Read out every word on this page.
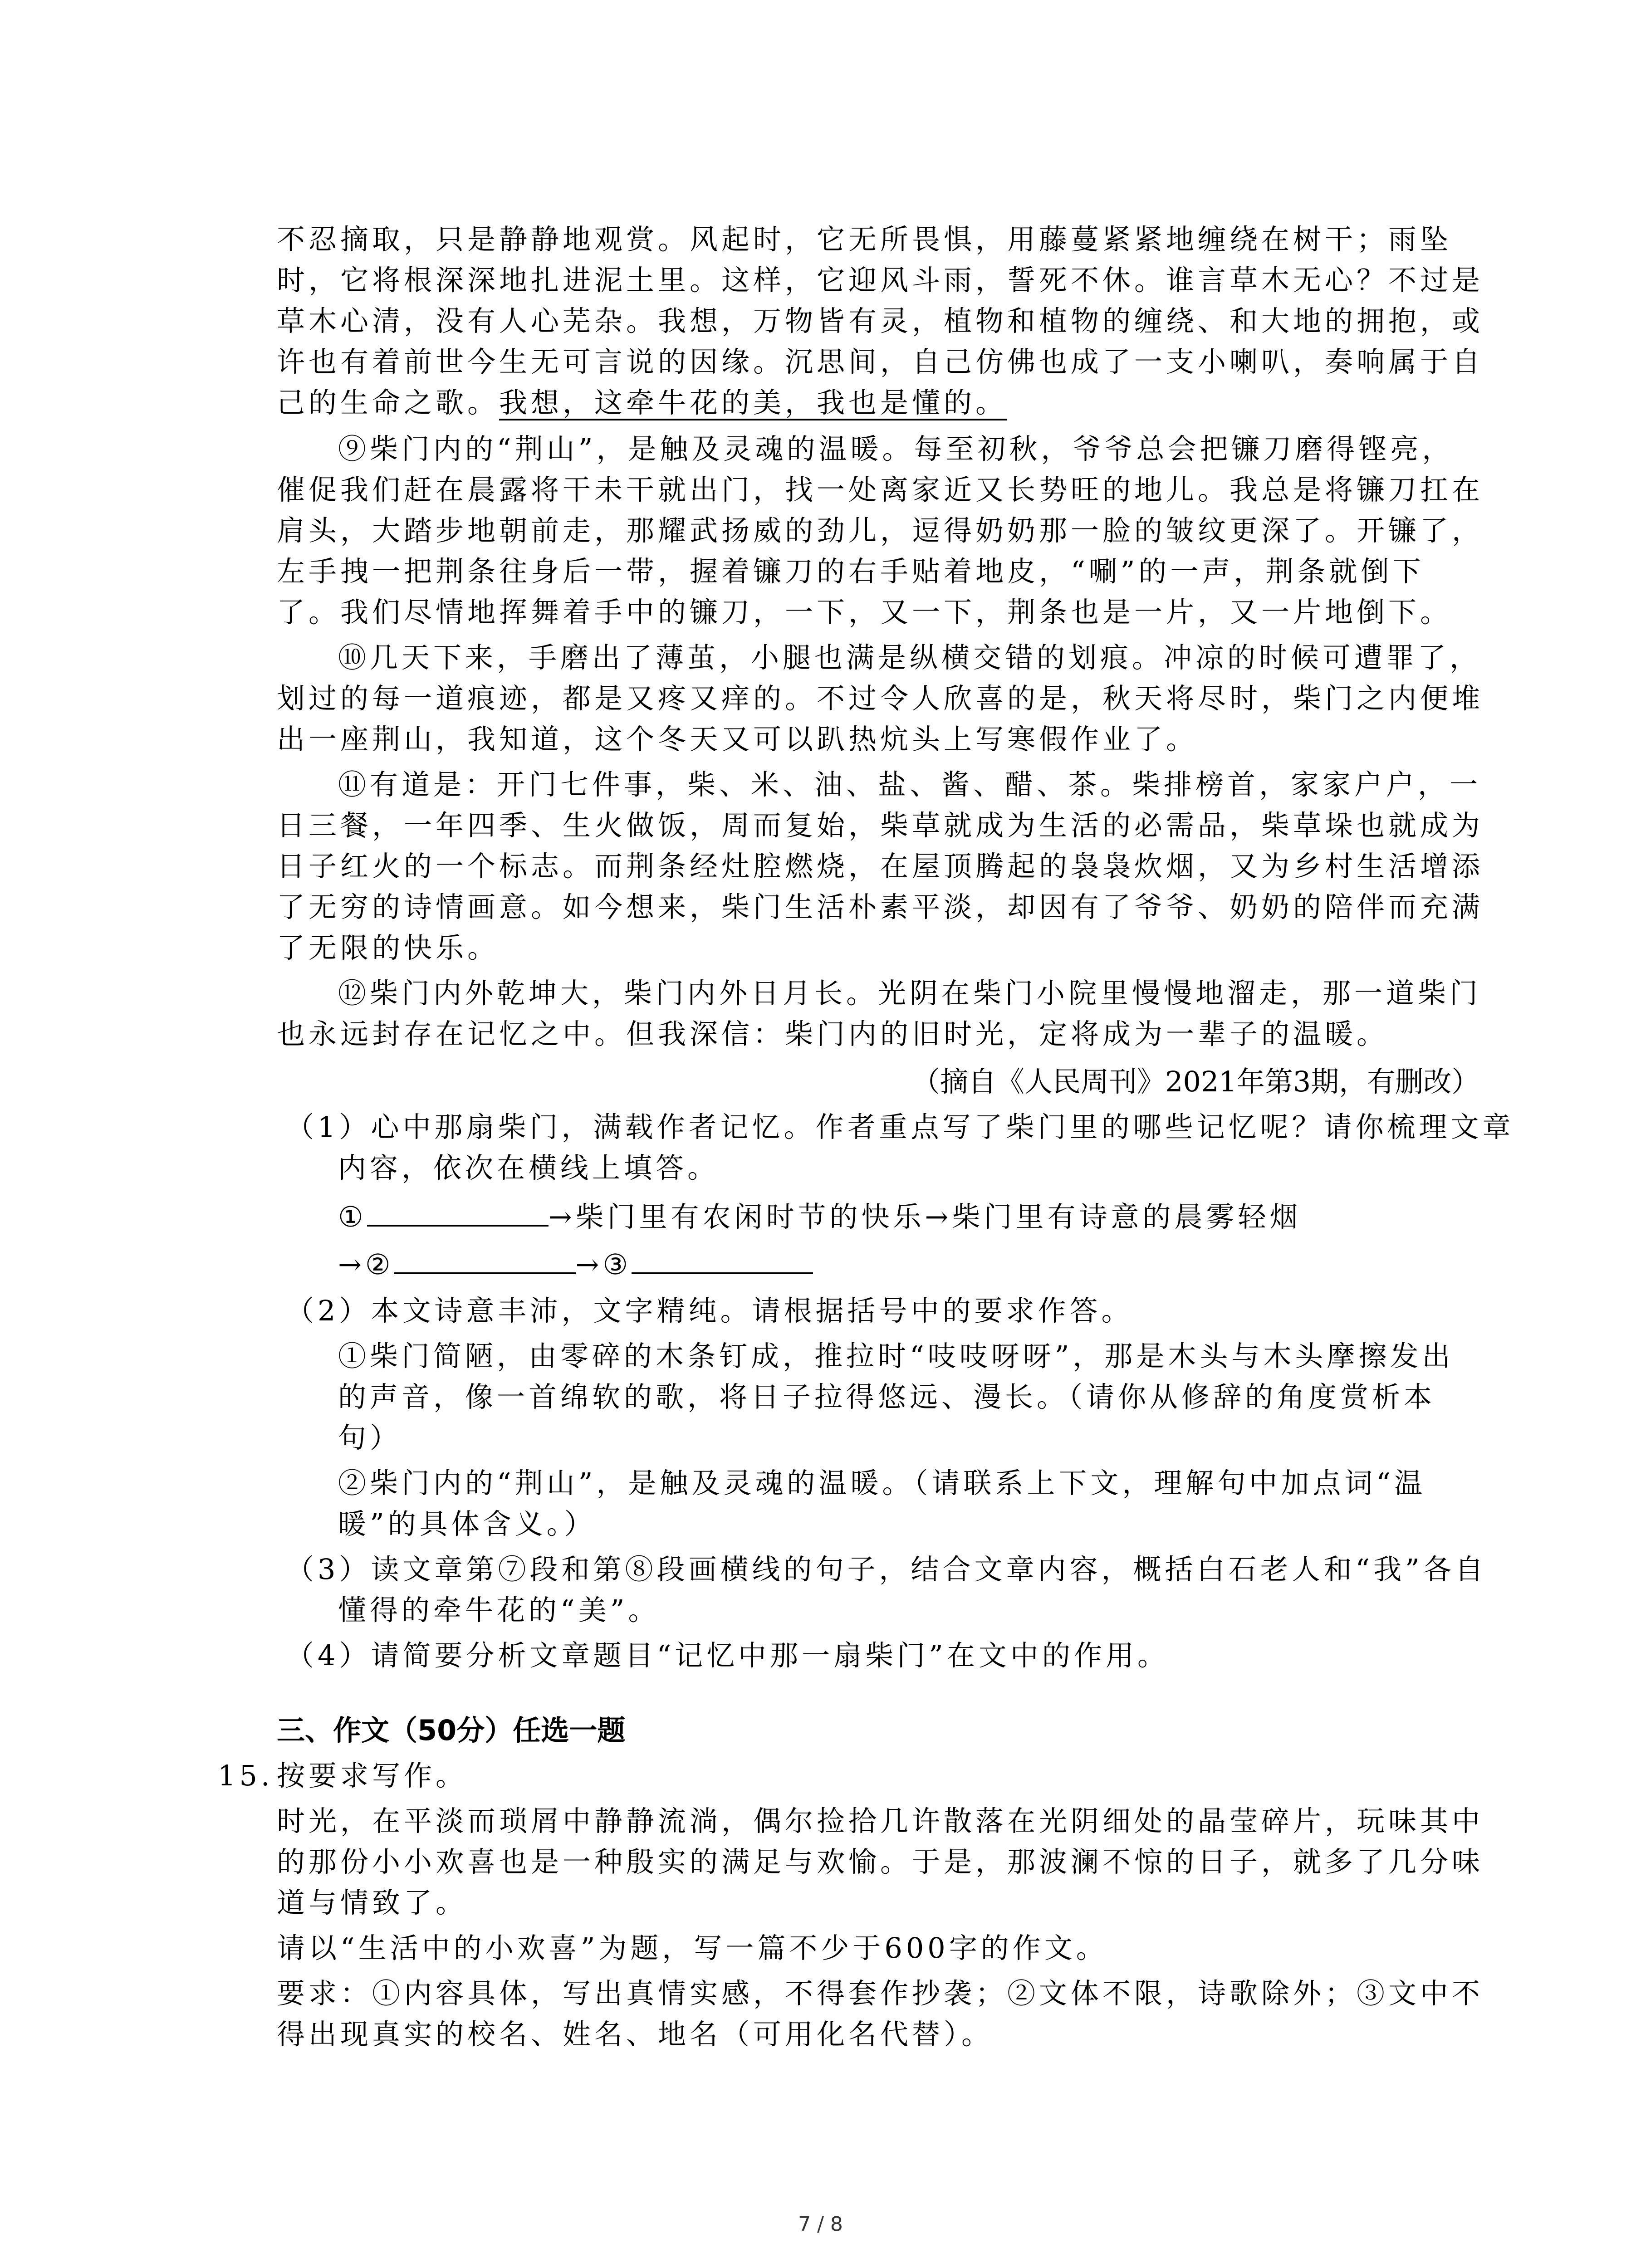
不忍摘取，只是静静地观赏。风起时，它无所畏惧，用藤蔓紧紧地缠绕在树干；雨坠
时，它将根深深地扎进泥土里。这样，它迎风斗雨，誓死不休。谁言草木无心？不过是
草木心清，没有人心芜杂。我想，万物皆有灵，植物和植物的缠绕、和大地的拥抱，或
许也有着前世今生无可言说的因缘。沉思间，自己仿佛也成了一支小喇叭，奏响属于自
己的生命之歌。我想，这牵牛花的美，我也是懂的。
⑨柴门内的“荆山”，是触及灵魂的温暖。每至初秋，爷爷总会把镰刀磨得铿亮，
催促我们赶在晨露将干未干就出门，找一处离家近又长势旺的地儿。我总是将镰刀扛在
肩头，大踏步地朝前走，那耀武扬威的劲儿，逗得奶奶那一脸的皱纹更深了。开镰了，
左手拽一把荆条往身后一带，握着镰刀的右手贴着地皮，“唰”的一声，荆条就倒下
了。我们尽情地挥舞着手中的镰刀，一下，又一下，荆条也是一片，又一片地倒下。
⑩几天下来，手磨出了薄茧，小腿也满是纵横交错的划痕。冲凉的时候可遭罪了，
划过的每一道痕迹，都是又疼又痒的。不过令人欣喜的是，秋天将尽时，柴门之内便堆
出一座荆山，我知道，这个冬天又可以趴热炕头上写寒假作业了。
⑪有道是：开门七件事，柴、米、油、盐、酱、醋、茶。柴排榜首，家家户户，一
日三餐，一年四季、生火做饭，周而复始，柴草就成为生活的必需品，柴草垛也就成为
日子红火的一个标志。而荆条经灶腔燃烧，在屋顶腾起的袅袅炊烟，又为乡村生活增添
了无穷的诗情画意。如今想来，柴门生活朴素平淡，却因有了爷爷、奶奶的陪伴而充满
了无限的快乐。
⑫柴门内外乾坤大，柴门内外日月长。光阴在柴门小院里慢慢地溜走，那一道柴门
也永远封存在记忆之中。但我深信：柴门内的旧时光，定将成为一辈子的温暖。
（摘自《人民周刊》2021年第3期，有删改）
（1）心中那扇柴门，满载作者记忆。作者重点写了柴门里的哪些记忆呢？请你梳理文章
内容，依次在横线上填答。
①	→柴门里有农闲时节的快乐→柴门里有诗意的晨雾轻烟
→②	→③
（2）本文诗意丰沛，文字精纯。请根据括号中的要求作答。
①柴门简陋，由零碎的木条钉成，推拉时“吱吱呀呀”，那是木头与木头摩擦发出
的声音，像一首绵软的歌，将日子拉得悠远、漫长。（请你从修辞的角度赏析本
句）
②柴门内的“荆山”，是触及灵魂的温暖。（请联系上下文，理解句中加点词“温
暖”的具体含义。）
（3）读文章第⑦段和第⑧段画横线的句子，结合文章内容，概括白石老人和“我”各自
懂得的牵牛花的“美”。
（4）请简要分析文章题目“记忆中那一扇柴门”在文中的作用。
三、作文（50分）任选一题
15. 按要求写作。
时光，在平淡而琐屑中静静流淌，偶尔捡拾几许散落在光阴细处的晶莹碎片，玩味其中
的那份小小欢喜也是一种殷实的满足与欢愉。于是，那波澜不惊的日子，就多了几分味
道与情致了。
请以“生活中的小欢喜”为题，写一篇不少于600字的作文。
要求：①内容具体，写出真情实感，不得套作抄袭；②文体不限，诗歌除外；③文中不
得出现真实的校名、姓名、地名（可用化名代替）。
7 / 8
